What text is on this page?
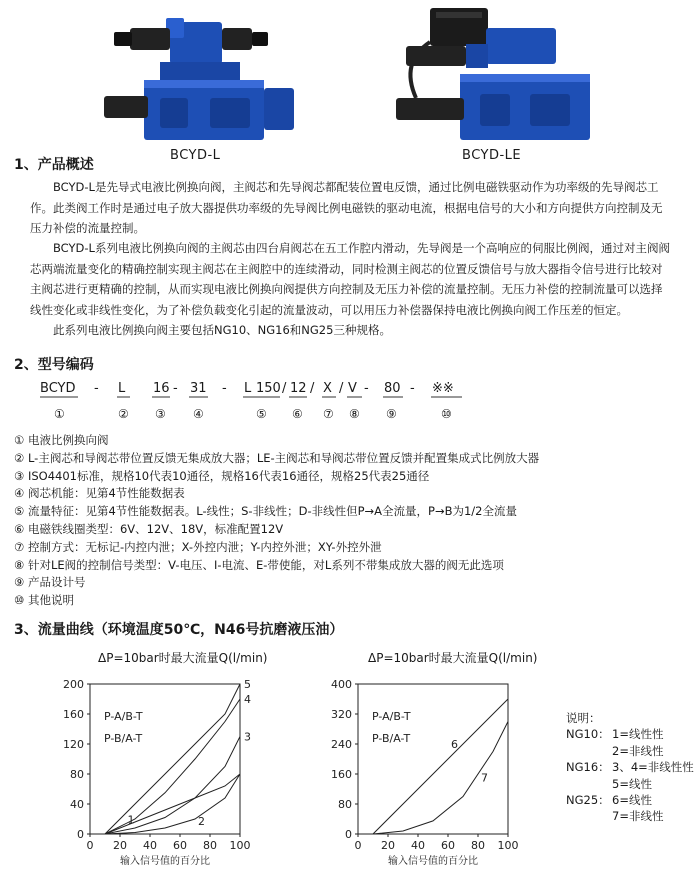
BCYD-L	BCYD-LE
1、产品概述
BCYD-L是先导式电液比例换向阀，主阀芯和先导阀芯都配装位置电反馈，通过比例电磁铁驱动作为功率级的先导阀芯工作。此类阀工作时是通过电子放大器提供功率级的先导阀比例电磁铁的驱动电流，根据电信号的大小和方向提供方向控制及无压力补偿的流量控制。
BCYD-L系列电液比例换向阀的主阀芯由四台肩阀芯在五工作腔内滑动，先导阀是一个高响应的伺服比例阀，通过对主阀阀芯两端流量变化的精确控制实现主阀芯在主阀腔中的连续滑动，同时检测主阀芯的位置反馈信号与放大器指令信号进行比较对主阀芯进行更精确的控制，从而实现电液比例换向阀提供方向控制及无压力补偿的流量控制。无压力补偿的控制流量可以选择线性变化或非线性变化，为了补偿负载变化引起的流量波动，可以用压力补偿器保持电液比例换向阀工作压差的恒定。
此系列电液比例换向阀主要包括NG10、NG16和NG25三种规格。
2、型号编码
BCYD - L 16 - 31 - L 150 / 12 / X / V - 80 - ※※
①	② ③ ④	⑤ ⑥ ⑦ ⑧ ⑨	⑩
① 电液比例换向阀
② L-主阀芯和导阀芯带位置反馈无集成放大器；LE-主阀芯和导阀芯带位置反馈并配置集成式比例放大器
③ ISO4401标准，规格10代表10通径，规格16代表16通径，规格25代表25通径
④ 阀芯机能：见第4节性能数据表
⑤ 流量特征：见第4节性能数据表。L-线性；S-非线性；D-非线性但P→A全流量，P→B为1/2全流量
⑥ 电磁铁线圈类型：6V、12V、18V，标准配置12V
⑦ 控制方式：无标记-内控内泄；X-外控内泄；Y-内控外泄；XY-外控外泄
⑧ 针对LE阀的控制信号类型：V-电压、I-电流、E-带使能，对L系列不带集成放大器的阀无此选项
⑨ 产品设计号
⑩ 其他说明
3、流量曲线（环境温度50℃，N46号抗磨液压油）
ΔP=10bar时最大流量Q(l/min)	ΔP=10bar时最大流量Q(l/min)
0
40
80
120
160
200
0 20 40 60 80 100
输入信号值的百分比
P-A/B-T
P-B/A-T
1	2
3
4
5
0
80
160
240
320
400
0 20 40 60 80 100
输入信号值的百分比
P-A/B-T
P-B/A-T	6
7
说明：
NG10： 1=线性性
2=非线性
NG16： 3、4=非线性性
5=线性
NG25： 6=线性
7=非线性
